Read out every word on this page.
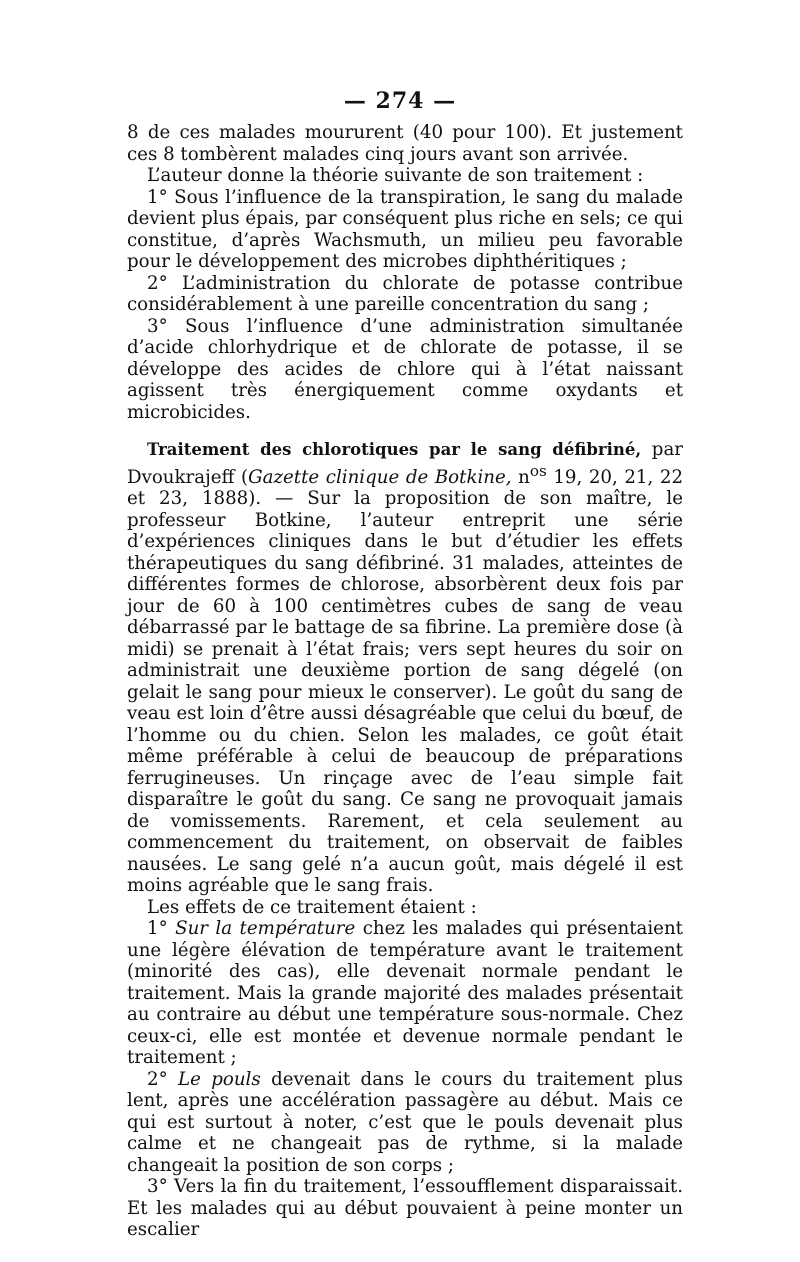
— 274 —

8 de ces malades moururent (40 pour 100). Et justement ces 8 tombèrent malades cinq jours avant son arrivée.

L’auteur donne la théorie suivante de son traitement :

1° Sous l’influence de la transpiration, le sang du malade devient plus épais, par conséquent plus riche en sels; ce qui constitue, d’après Wachsmuth, un milieu peu favorable pour le développement des microbes diphthéritiques ;

2° L’administration du chlorate de potasse contribue considérablement à une pareille concentration du sang ;

3° Sous l’influence d’une administration simultanée d’acide chlorhydrique et de chlorate de potasse, il se développe des acides de chlore qui à l’état naissant agissent très énergiquement comme oxydants et microbicides.

Traitement des chlorotiques par le sang défibriné, par Dvoukrajeff (Gazette clinique de Botkine, $n^{os}$ 19, 20, 21, 22 et 23, 1888). — Sur la proposition de son maître, le professeur Botkine, l’auteur entreprit une série d’expériences cliniques dans le but d’étudier les effets thérapeutiques du sang défibriné. 31 malades, atteintes de différentes formes de chlorose, absorbèrent deux fois par jour de 60 à 100 centimètres cubes de sang de veau débarrassé par le battage de sa fibrine. La première dose (à midi) se prenait à l’état frais; vers sept heures du soir on administrait une deuxième portion de sang dégelé (on gelait le sang pour mieux le conserver). Le goût du sang de veau est loin d’être aussi désagréable que celui du bœuf, de l’homme ou du chien. Selon les malades, ce goût était même préférable à celui de beaucoup de préparations ferrugineuses. Un rinçage avec de l’eau simple fait disparaître le goût du sang. Ce sang ne provoquait jamais de vomissements. Rarement, et cela seulement au commencement du traitement, on observait de faibles nausées. Le sang gelé n’a aucun goût, mais dégelé il est moins agréable que le sang frais.

Les effets de ce traitement étaient :

1° Sur la température chez les malades qui présentaient une légère élévation de température avant le traitement (minorité des cas), elle devenait normale pendant le traitement. Mais la grande majorité des malades présentait au contraire au début une température sous-normale. Chez ceux-ci, elle est montée et devenue normale pendant le traitement ;

2° Le pouls devenait dans le cours du traitement plus lent, après une accélération passagère au début. Mais ce qui est surtout à noter, c’est que le pouls devenait plus calme et ne changeait pas de rythme, si la malade changeait la position de son corps ;

3° Vers la fin du traitement, l’essoufflement disparaissait. Et les malades qui au début pouvaient à peine monter un escalier
